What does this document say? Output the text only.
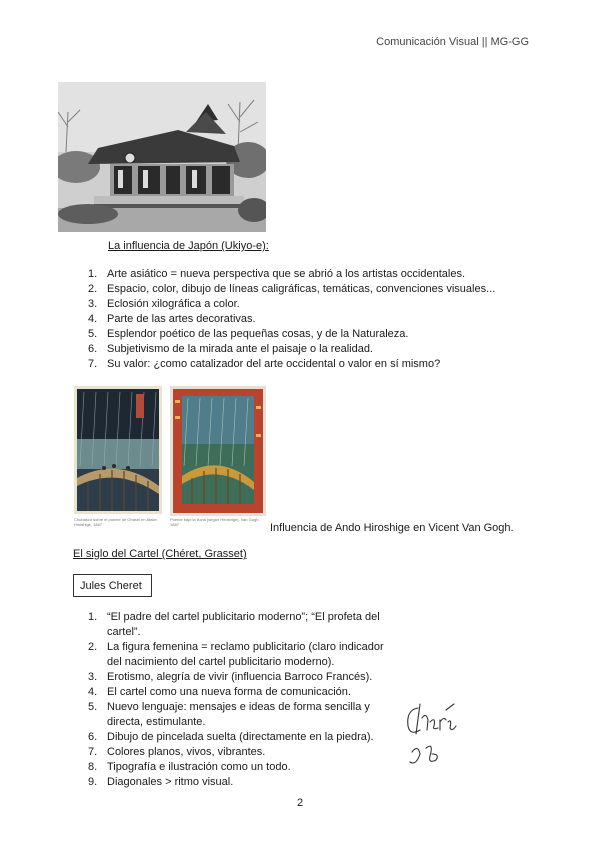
Comunicación Visual || MG-GG
La influencia de Japón (Ukiyo-e):
1. Arte asiático = nueva perspectiva que se abrió a los artistas occidentales.
2. Espacio, color, dibujo de líneas caligráficas, temáticas, convenciones visuales...
3. Eclosión xilográfica a color.
4. Parte de las artes decorativas.
5. Esplendor poético de las pequeñas cosas, y de la Naturaleza.
6. Subjetivismo de la mirada ante el paisaje o la realidad.
7. Su valor: ¿como catalizador del arte occidental o valor en sí mismo?
Chubasco sobre el puente de Ohashi en Atake. Hiroshige, 1857
Puente bajo la lluvia (según Hiroshige). Van Gogh, 1887	Influencia de Ando Hiroshige en Vicent Van Gogh.
El siglo del Cartel (Chéret, Grasset)
Jules Cheret
1. “El padre del cartel publicitario moderno”; “El profeta del cartel”.
2. La figura femenina = reclamo publicitario (claro indicador del nacimiento del cartel publicitario moderno).
3. Erotismo, alegría de vivir (influencia Barroco Francés).
4. El cartel como una nueva forma de comunicación.
5. Nuevo lenguaje: mensajes e ideas de forma sencilla y directa, estimulante.
6. Dibujo de pincelada suelta (directamente en la piedra).
7. Colores planos, vivos, vibrantes.
8. Tipografía e ilustración como un todo.
9. Diagonales > ritmo visual.
2
